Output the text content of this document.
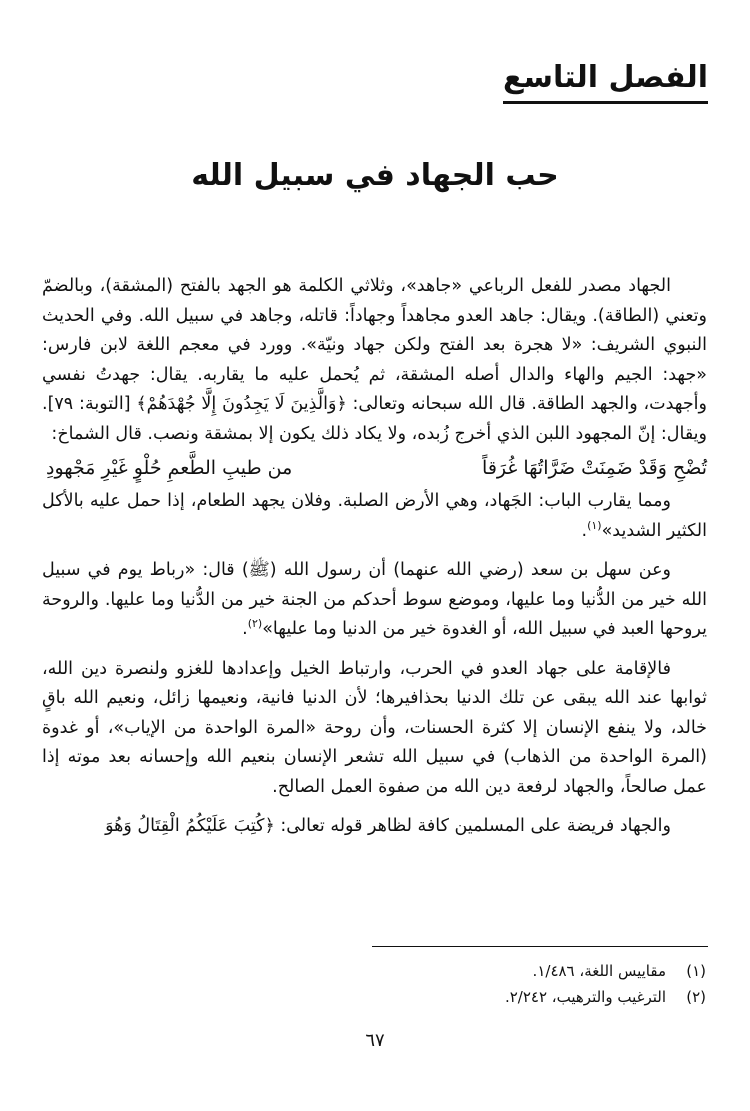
الفصل التاسع
حب الجهاد في سبيل الله

الجهاد مصدر للفعل الرباعي «جاهد»، وثلاثي الكلمة هو الجهد بالفتح (المشقة)، وبالضمّ وتعني (الطاقة). ويقال: جاهد العدو مجاهداً وجهاداً: قاتله، وجاهد في سبيل الله. وفي الحديث النبوي الشريف: «لا هجرة بعد الفتح ولكن جهاد ونيّة». وورد في معجم اللغة لابن فارس: «جهد: الجيم والهاء والدال أصله المشقة، ثم يُحمل عليه ما يقاربه. يقال: جهدتُ نفسي وأجهدت، والجهد الطاقة. قال الله سبحانه وتعالى: ﴿وَالَّذِينَ لَا يَجِدُونَ إِلَّا جُهْدَهُمْ﴾ [التوبة: ٧٩]. ويقال: إنّ المجهود اللبن الذي أخرج زُبده، ولا يكاد ذلك يكون إلا بمشقة ونصب. قال الشماخ:

تُضْحِ وَقَدْ ضَمِنَتْ ضَرَّاتُهَا غُرَقاً
من طيبِ الطَّعمِ حُلْوٍ غَيْرِ مَجْهودِ

ومما يقارب الباب: الجَهاد، وهي الأرض الصلبة. وفلان يجهد الطعام، إذا حمل عليه بالأكل الكثير الشديد»$^{(١)}$.

وعن سهل بن سعد (رضي الله عنهما) أن رسول الله (ﷺ) قال: «رباط يوم في سبيل الله خير من الدُّنيا وما عليها، وموضع سوط أحدكم من الجنة خير من الدُّنيا وما عليها. والروحة يروحها العبد في سبيل الله، أو الغدوة خير من الدنيا وما عليها»$^{(٢)}$.

فالإقامة على جهاد العدو في الحرب، وارتباط الخيل وإعدادها للغزو ولنصرة دين الله، ثوابها عند الله يبقى عن تلك الدنيا بحذافيرها؛ لأن الدنيا فانية، ونعيمها زائل، ونعيم الله باقٍ خالد، ولا ينفع الإنسان إلا كثرة الحسنات، وأن روحة «المرة الواحدة من الإياب»، أو غدوة (المرة الواحدة من الذهاب) في سبيل الله تشعر الإنسان بنعيم الله وإحسانه بعد موته إذا عمل صالحاً، والجهاد لرفعة دين الله من صفوة العمل الصالح.

والجهاد فريضة على المسلمين كافة لظاهر قوله تعالى: ﴿كُتِبَ عَلَيْكُمُ الْقِتَالُ وَهُوَ

(١)
مقاييس اللغة، ١/٤٨٦.
(٢)
الترغيب والترهيب، ٢/٢٤٢.
٦٧
